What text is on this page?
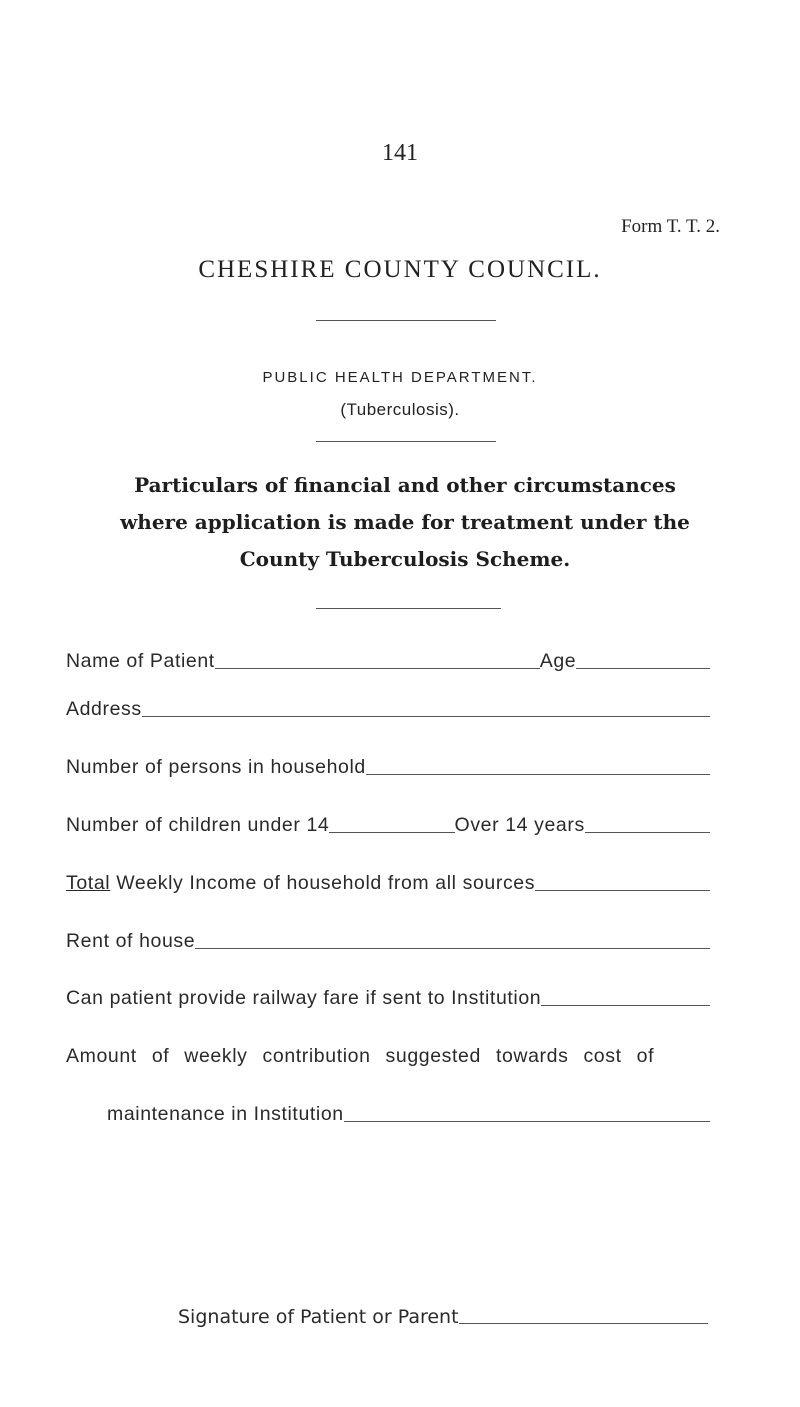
141
Form T. T. 2.
CHESHIRE COUNTY COUNCIL.
PUBLIC HEALTH DEPARTMENT.
(Tuberculosis).
Particulars of financial and other circumstances where application is made for treatment under the County Tuberculosis Scheme.
Name of Patient	Age
Address
Number of persons in household
Number of children under 14	Over 14 years
Total Weekly Income of household from all sources
Rent of house
Can patient provide railway fare if sent to Institution
Amount of weekly contribution suggested towards cost of
maintenance in Institution
Signature of Patient or Parent
